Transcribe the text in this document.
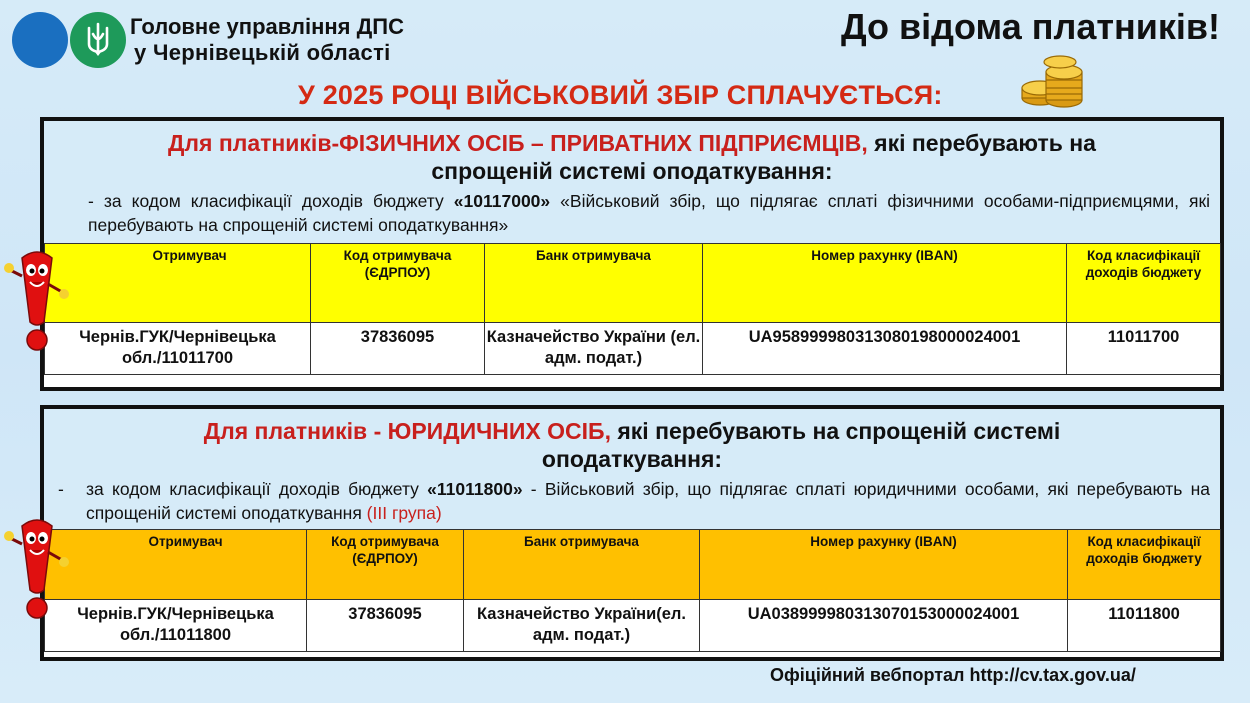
Головне управління ДПС
у Чернівецькій області
До відома платників!
У 2025 РОЦІ ВІЙСЬКОВИЙ ЗБІР СПЛАЧУЄТЬСЯ:
Для платників-ФІЗИЧНИХ ОСІБ – ПРИВАТНИХ ПІДПРИЄМЦІВ, які перебувають на
спрощеній системі оподаткування:
- за кодом класифікації доходів бюджету «10117000» «Військовий збір, що підлягає сплаті фізичними особами-підприємцями, які перебувають на спрощеній системі оподаткування»
Отримувач	Код отримувача (ЄДРПОУ)	Банк отримувача	Номер рахунку (IBAN)	Код класифікації доходів бюджету
Чернів.ГУК/Чернівецька обл./11011700	37836095	Казначейство України (ел. адм. подат.)	UA958999980313080198000024001	11011700
Для платників - ЮРИДИЧНИХ ОСІБ, які перебувають на спрощеній системі
оподаткування:
-	за кодом класифікації доходів бюджету «11011800» - Військовий збір, що підлягає сплаті юридичними особами, які перебувають на спрощеній системі оподаткування (ІІІ група)
Отримувач	Код отримувача (ЄДРПОУ)	Банк отримувача	Номер рахунку (IBAN)	Код класифікації доходів бюджету
Чернів.ГУК/Чернівецька обл./11011800	37836095	Казначейство України(ел. адм. подат.)	UA038999980313070153000024001	11011800
Офіційний вебпортал http://cv.tax.gov.ua/
